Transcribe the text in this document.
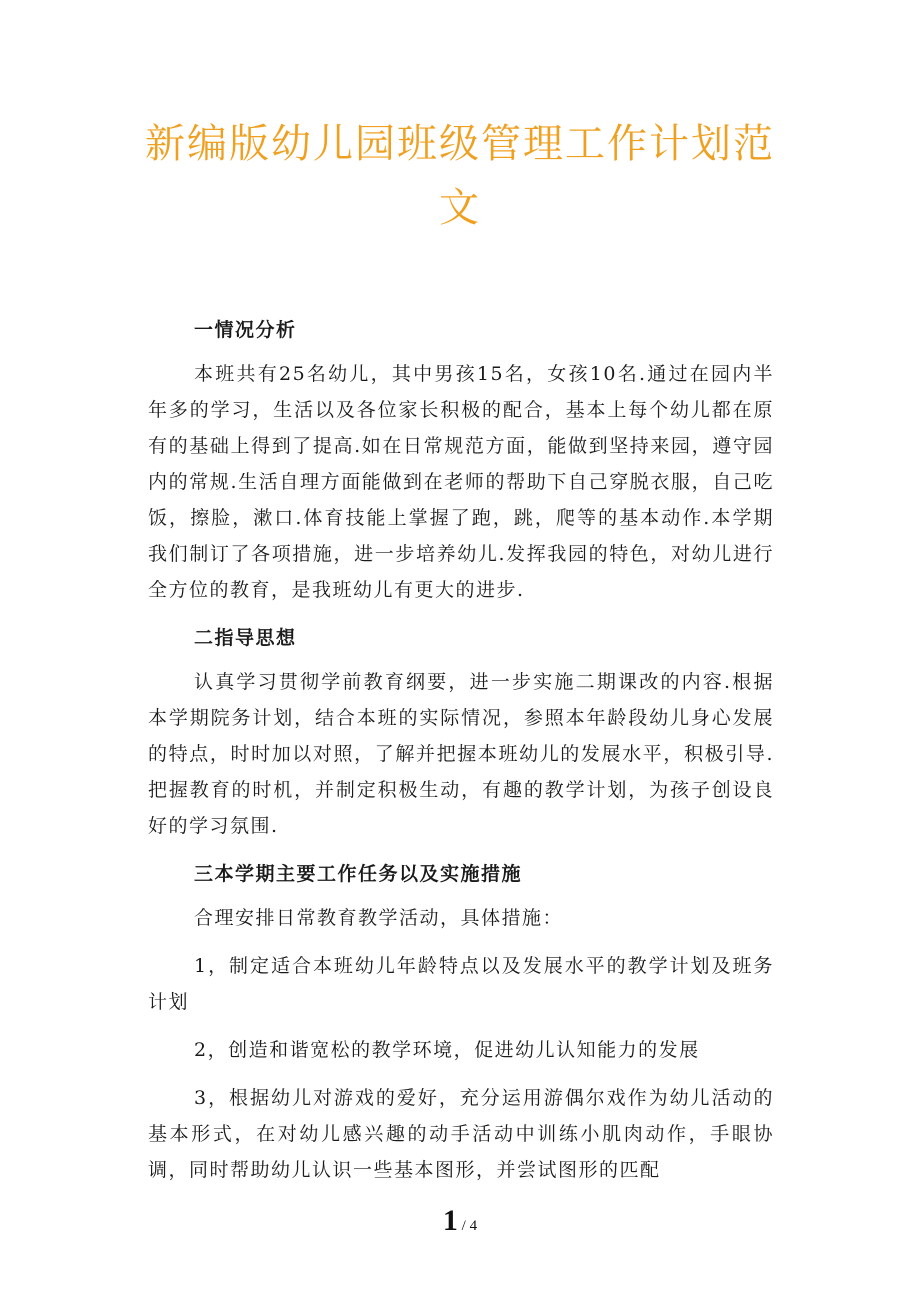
新编版幼儿园班级管理工作计划范文

一情况分析

本班共有25名幼儿，其中男孩15名，女孩10名.通过在园内半年多的学习，生活以及各位家长积极的配合，基本上每个幼儿都在原有的基础上得到了提高.如在日常规范方面，能做到坚持来园，遵守园内的常规.生活自理方面能做到在老师的帮助下自己穿脱衣服，自己吃饭，擦脸，漱口.体育技能上掌握了跑，跳，爬等的基本动作.本学期我们制订了各项措施，进一步培养幼儿.发挥我园的特色，对幼儿进行全方位的教育，是我班幼儿有更大的进步.

二指导思想

认真学习贯彻学前教育纲要，进一步实施二期课改的内容.根据本学期院务计划，结合本班的实际情况，参照本年龄段幼儿身心发展的特点，时时加以对照，了解并把握本班幼儿的发展水平，积极引导.把握教育的时机，并制定积极生动，有趣的教学计划，为孩子创设良好的学习氛围.

三本学期主要工作任务以及实施措施

合理安排日常教育教学活动，具体措施：

1，制定适合本班幼儿年龄特点以及发展水平的教学计划及班务计划

2，创造和谐宽松的教学环境，促进幼儿认知能力的发展

3，根据幼儿对游戏的爱好，充分运用游偶尔戏作为幼儿活动的基本形式，在对幼儿感兴趣的动手活动中训练小肌肉动作，手眼协调，同时帮助幼儿认识一些基本图形，并尝试图形的匹配

1 / 4
